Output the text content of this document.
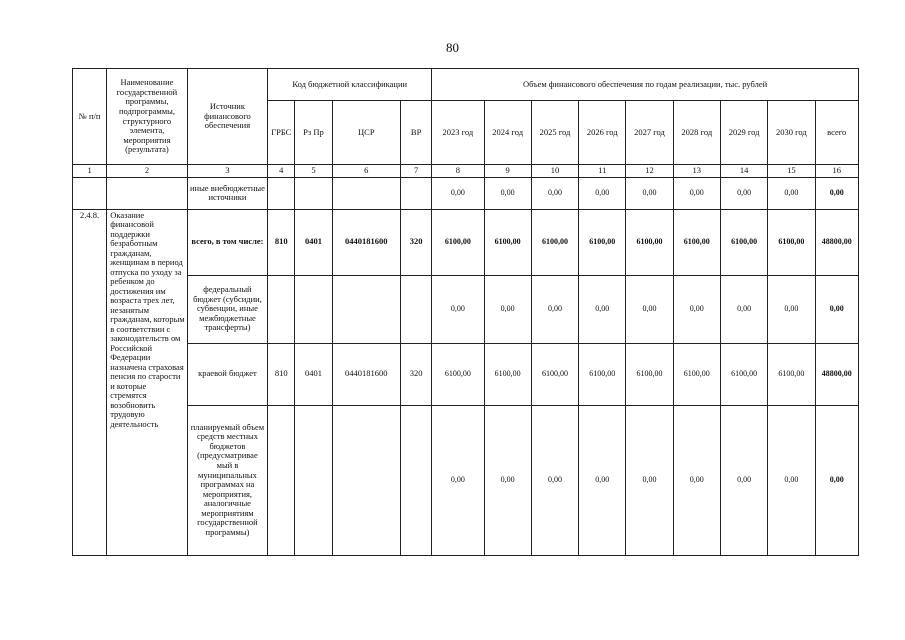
80
№ п/п	Наименование государственной программы, подпрограммы, структурного элемента, мероприятия (результата)	Источник финансового обеспечения	Код бюджетной классификации				Объем финансового обеспечения по годам реализации, тыс. рублей								
			ГРБС	Рз Пр	ЦСР	ВР	2023 год	2024 год	2025 год	2026 год	2027 год	2028 год	2029 год	2030 год	всего
1	2	3	4	5	6	7	8	9	10	11	12	13	14	15	16
		иные внебюджетные источники					0,00	0,00	0,00	0,00	0,00	0,00	0,00	0,00	0,00
2.4.8.	Оказание финансовой поддержки безработным гражданам, женщинам в период отпуска по уходу за ребенком до достижения им возраста трех лет, незанятым гражданам, которым в соответствии с законодательств ом Российской Федерации назначена страховая пенсия по старости и которые стремятся возобновить трудовую деятельность	всего, в том числе:	810	0401	0440181600	320	6100,00	6100,00	6100,00	6100,00	6100,00	6100,00	6100,00	6100,00	48800,00
		федеральный бюджет (субсидии, субвенции, иные межбюджетные трансферты)					0,00	0,00	0,00	0,00	0,00	0,00	0,00	0,00	0,00
		краевой бюджет	810	0401	0440181600	320	6100,00	6100,00	6100,00	6100,00	6100,00	6100,00	6100,00	6100,00	48800,00
		планируемый объем средств местных бюджетов (предусматривае мый в муниципальных программах на мероприятия, аналогичные мероприятиям государственной программы)					0,00	0,00	0,00	0,00	0,00	0,00	0,00	0,00	0,00
